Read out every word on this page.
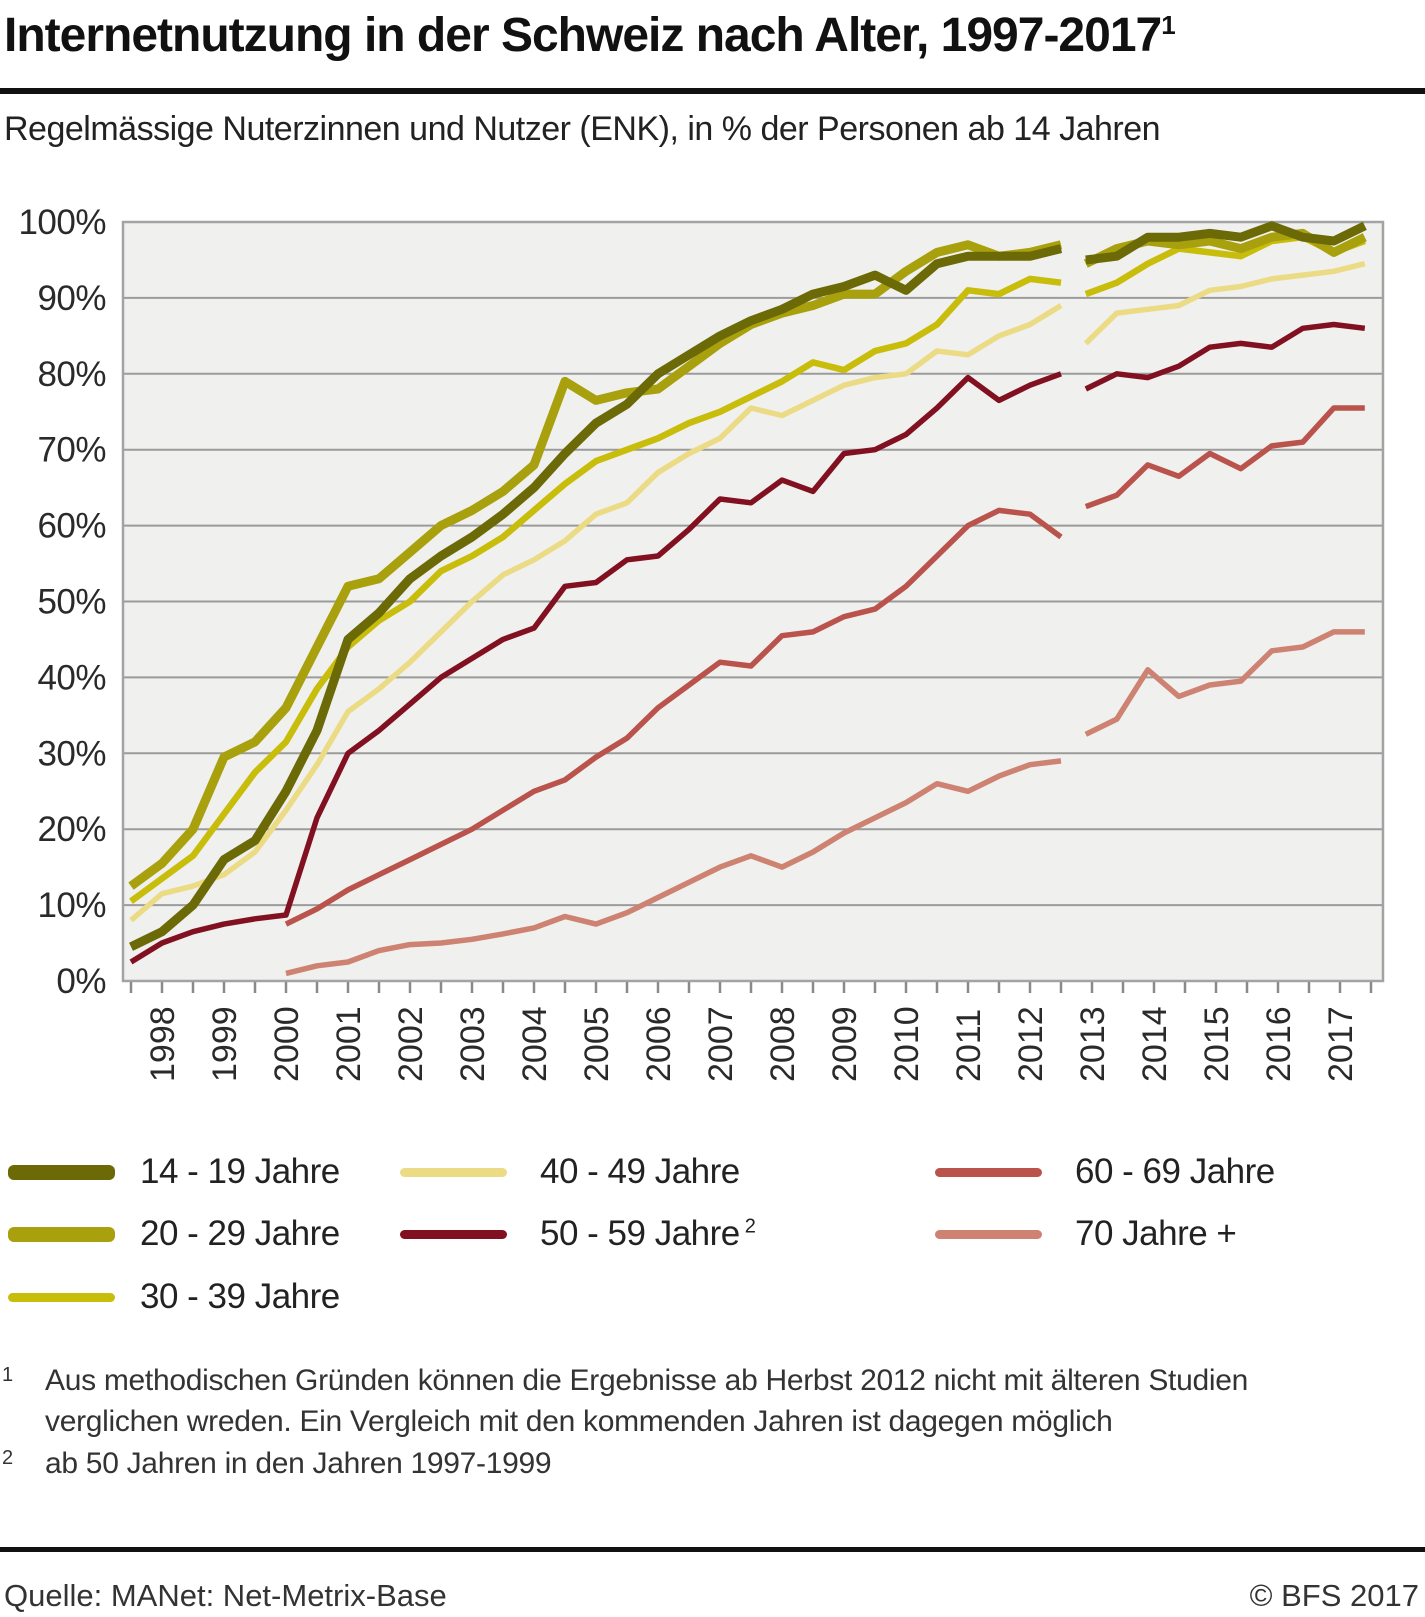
Internetnutzung in der Schweiz nach Alter, 1997-2017$^1$
Regelmässige Nuterzinnen und Nutzer (ENK), in % der Personen ab 14 Jahren
0%
10%
20%
30%
40%
50%
60%
70%
80%
90%
100%
1998 1999 2000 2001 2002 2003 2004 2005 2006 2007 2008 2009 2010 2011 2012 2013 2014 2015 2016 2017
14 - 19 Jahre
20 - 29 Jahre
30 - 39 Jahre
40 - 49 Jahre
50 - 59 Jahre $^2$
60 - 69 Jahre
70 Jahre +
1 Aus methodischen Gründen können die Ergebnisse ab Herbst 2012 nicht mit älteren Studien verglichen wreden. Ein Vergleich mit den kommenden Jahren ist dagegen möglich
2 ab 50 Jahren in den Jahren 1997-1999
Quelle: MANet: Net-Metrix-Base	© BFS 2017
